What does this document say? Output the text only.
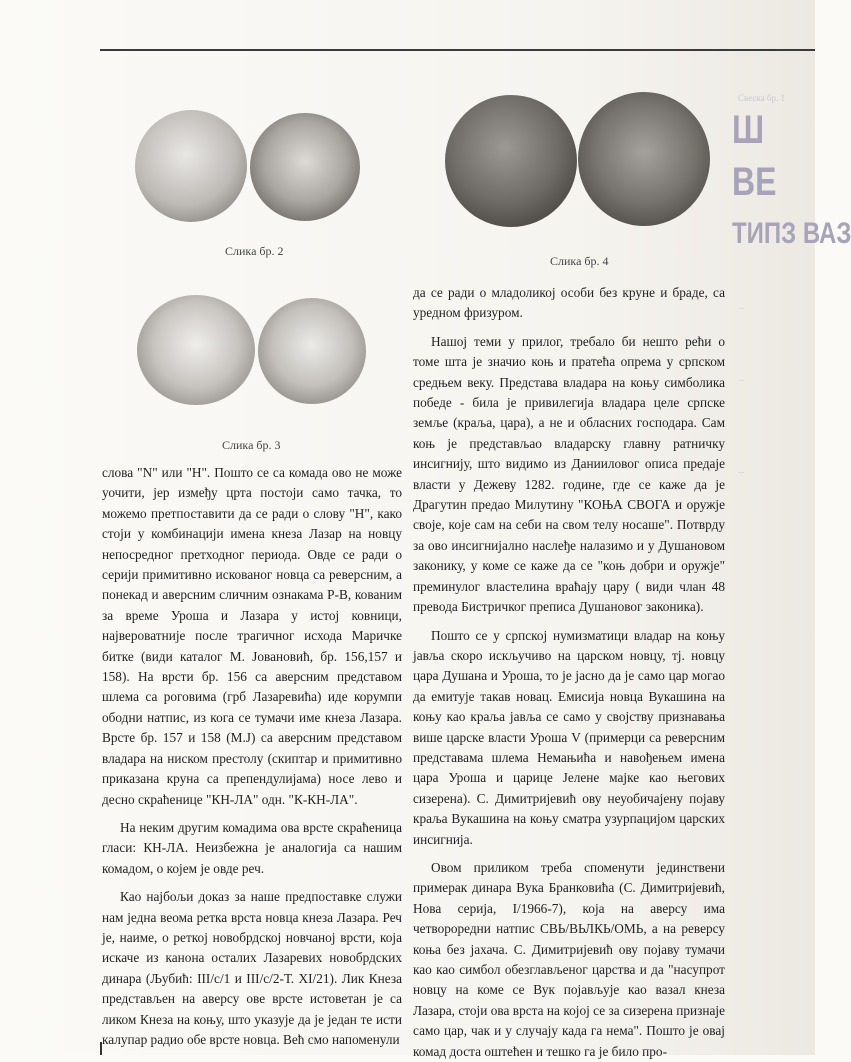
Свеска бр. 1
Ш
ВЕ
ТИПЗ ВАЗ
...
...
...
Слика бр. 2
Слика бр. 3
Слика бр. 4

слова "N" или "Н". Пошто се са комада ово не може уочити, јер између црта постоји само тачка, то можемо претпоставити да се ради о слову "Н", како стоји у комбинацији имена кнеза Лазар на новцу непосредног претходног периода. Овде се ради о серији примитивно искованог новца са реверсним, а понекад и аверсним сличним ознакама Р-В, кованим за време Уроша и Лазара у истој ковници, највероватније после трагичног исхода Маричке битке (види каталог М. Јовановић, бр. 156,157 и 158). На врсти бр. 156 са аверсним представом шлема са роговима (грб Лазаревића) иде корумпи ободни натпис, из кога се тумачи име кнеза Лазара. Врсте бр. 157 и 158 (М.Ј) са аверсним представом владара на ниском престолу (скиптар и примитивно приказана круна са препендулијама) носе лево и десно скраћенице "КН-ЛА" одн. "К-КН-ЛА".

На неким другим комадима ова врсте скраћеница гласи: КН-ЛА. Неизбежна је аналогија са нашим комадом, о којем је овде реч.

Као најбољи доказ за наше предпоставке служи нам једна веома ретка врста новца кнеза Лазара. Реч је, наиме, о реткој новобрдској новчаној врсти, која искаче из канона осталих Лазаревих новобрдских динара (Љубић: III/с/1 и III/с/2-Т. XI/21). Лик Кнеза представљен на аверсу ове врсте истоветан је са ликом Кнеза на коњу, што указује да је један те исти калупар радио обе врсте новца. Већ смо напоменули

да се ради о младоликој особи без круне и браде, са уредном фризуром.

Нашој теми у прилог, требало би нешто рећи о томе шта је значио коњ и пратећа опрема у српском средњем веку. Представа владара на коњу симболика победе - била је привилегија владара целе српске земље (краља, цара), а не и обласних господара. Сам коњ је представљао владарску главну ратничку инсигнију, што видимо из Данииловог описа предаје власти у Дежеву 1282. године, где се каже да је Драгутин предао Милутину "КОЊА СВОГА и оружје своје, које сам на себи на свом телу носаше". Потврду за ово инсигнијално наслеђе налазимо и у Душановом законику, у коме се каже да се "коњ добри и оружје" преминулог властелина враћају цару ( види члан 48 превода Бистричког преписа Душановог законика).

Пошто се у српској нумизматици владар на коњу јавља скоро искључиво на царском новцу, тј. новцу цара Душана и Уроша, то је јасно да је само цар могао да емитује такав новац. Емисија новца Вукашина на коњу као краља јавља се само у својству признавања више царске власти Уроша V (примерци са реверсним представама шлема Немањића и навођењем имена цара Уроша и царице Јелене мајке као његових сизерена). С. Димитријевић ову неуобичајену појаву краља Вукашина на коњу сматра узурпацијом царских инсигнија.

Овом приликом треба споменути јединствени примерак динара Вука Бранковића (С. Димитријевић, Нова серија, I/1966-7), која на аверсу има четвороредни натпис СВЬ/ВЬЛКЬ/ОМЬ, а на реверсу коња без јахача. С. Димитријевић ову појаву тумачи као као симбол обезглављеног царства и да "насупрот новцу на коме се Вук појављује као вазал кнеза Лазара, стоји ова врста на којој се за сизерена признаје само цар, чак и у случају када га нема". Пошто је овај комад доста оштећен и тешко га је било про-
